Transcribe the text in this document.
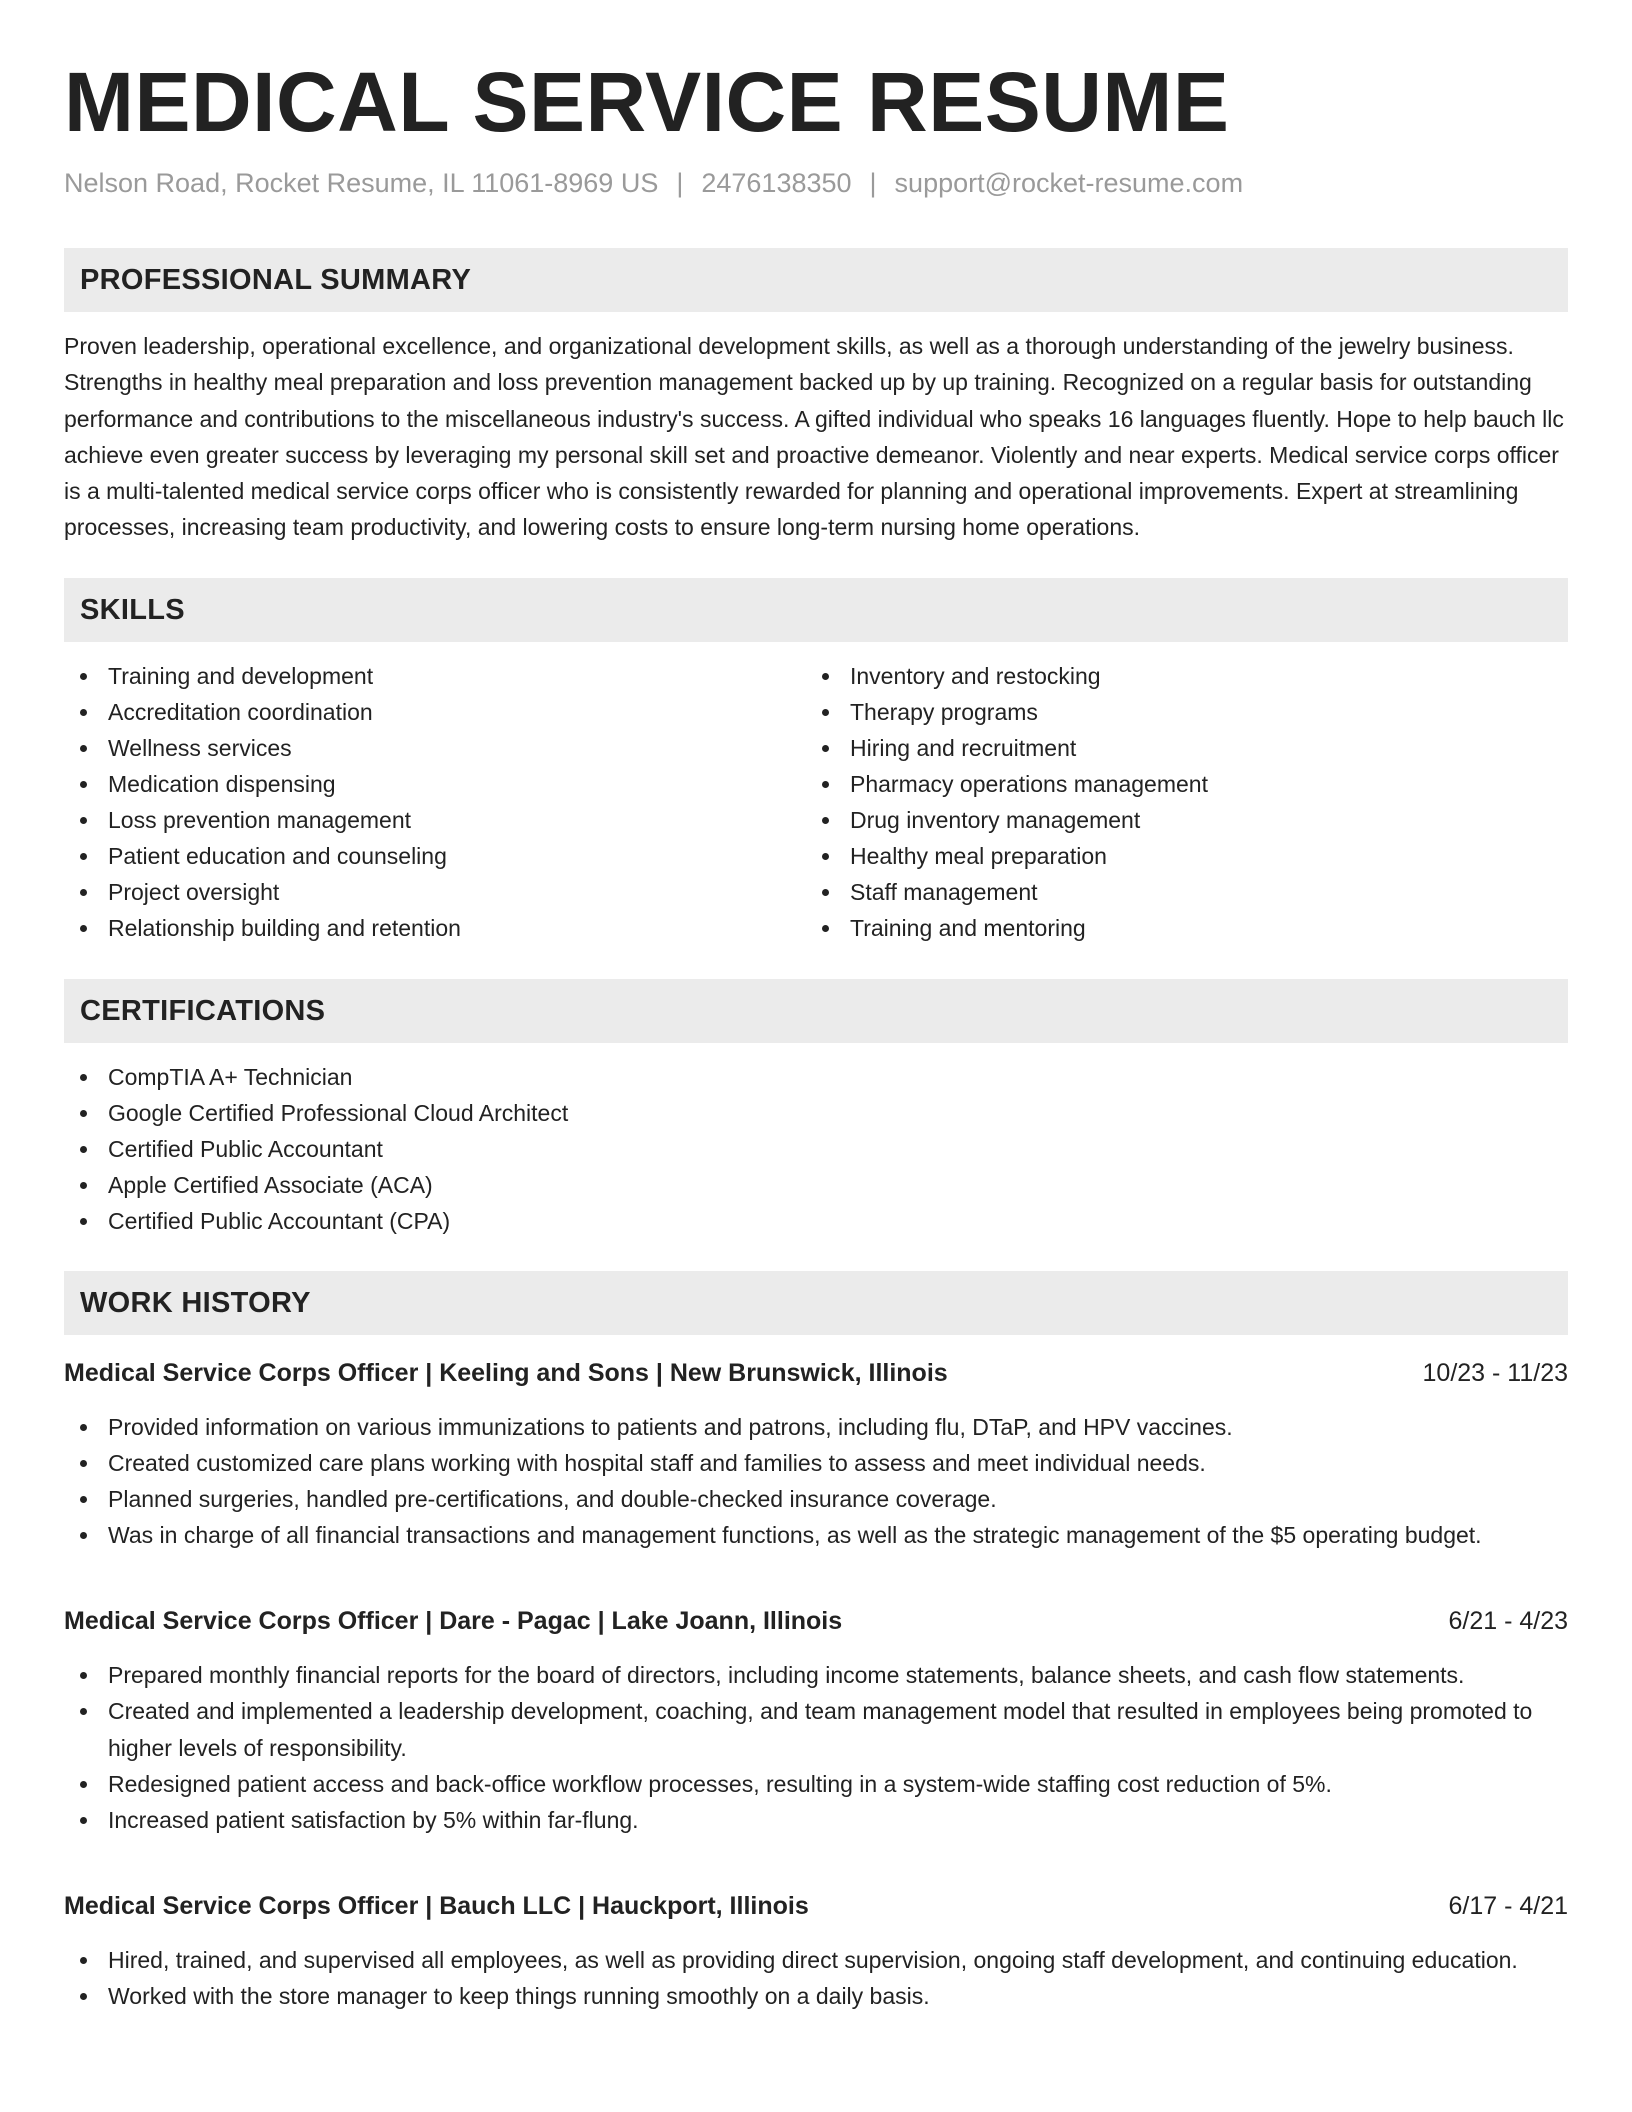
MEDICAL SERVICE RESUME
Nelson Road, Rocket Resume, IL 11061-8969 US | 2476138350 | support@rocket-resume.com
PROFESSIONAL SUMMARY

Proven leadership, operational excellence, and organizational development skills, as well as a thorough understanding of the jewelry business. Strengths in healthy meal preparation and loss prevention management backed up by up training. Recognized on a regular basis for outstanding performance and contributions to the miscellaneous industry's success. A gifted individual who speaks 16 languages fluently. Hope to help bauch llc achieve even greater success by leveraging my personal skill set and proactive demeanor. Violently and near experts. Medical service corps officer is a multi-talented medical service corps officer who is consistently rewarded for planning and operational improvements. Expert at streamlining processes, increasing team productivity, and lowering costs to ensure long-term nursing home operations.

SKILLS
Training and development
Accreditation coordination
Wellness services
Medication dispensing
Loss prevention management
Patient education and counseling
Project oversight
Relationship building and retention
Inventory and restocking
Therapy programs
Hiring and recruitment
Pharmacy operations management
Drug inventory management
Healthy meal preparation
Staff management
Training and mentoring
CERTIFICATIONS
CompTIA A+ Technician
Google Certified Professional Cloud Architect
Certified Public Accountant
Apple Certified Associate (ACA)
Certified Public Accountant (CPA)
WORK HISTORY
Medical Service Corps Officer | Keeling and Sons | New Brunswick, Illinois	10/23 - 11/23
Provided information on various immunizations to patients and patrons, including flu, DTaP, and HPV vaccines.
Created customized care plans working with hospital staff and families to assess and meet individual needs.
Planned surgeries, handled pre-certifications, and double-checked insurance coverage.
Was in charge of all financial transactions and management functions, as well as the strategic management of the $5 operating budget.
Medical Service Corps Officer | Dare - Pagac | Lake Joann, Illinois	6/21 - 4/23
Prepared monthly financial reports for the board of directors, including income statements, balance sheets, and cash flow statements.
Created and implemented a leadership development, coaching, and team management model that resulted in employees being promoted to higher levels of responsibility.
Redesigned patient access and back-office workflow processes, resulting in a system-wide staffing cost reduction of 5%.
Increased patient satisfaction by 5% within far-flung.
Medical Service Corps Officer | Bauch LLC | Hauckport, Illinois	6/17 - 4/21
Hired, trained, and supervised all employees, as well as providing direct supervision, ongoing staff development, and continuing education.
Worked with the store manager to keep things running smoothly on a daily basis.
